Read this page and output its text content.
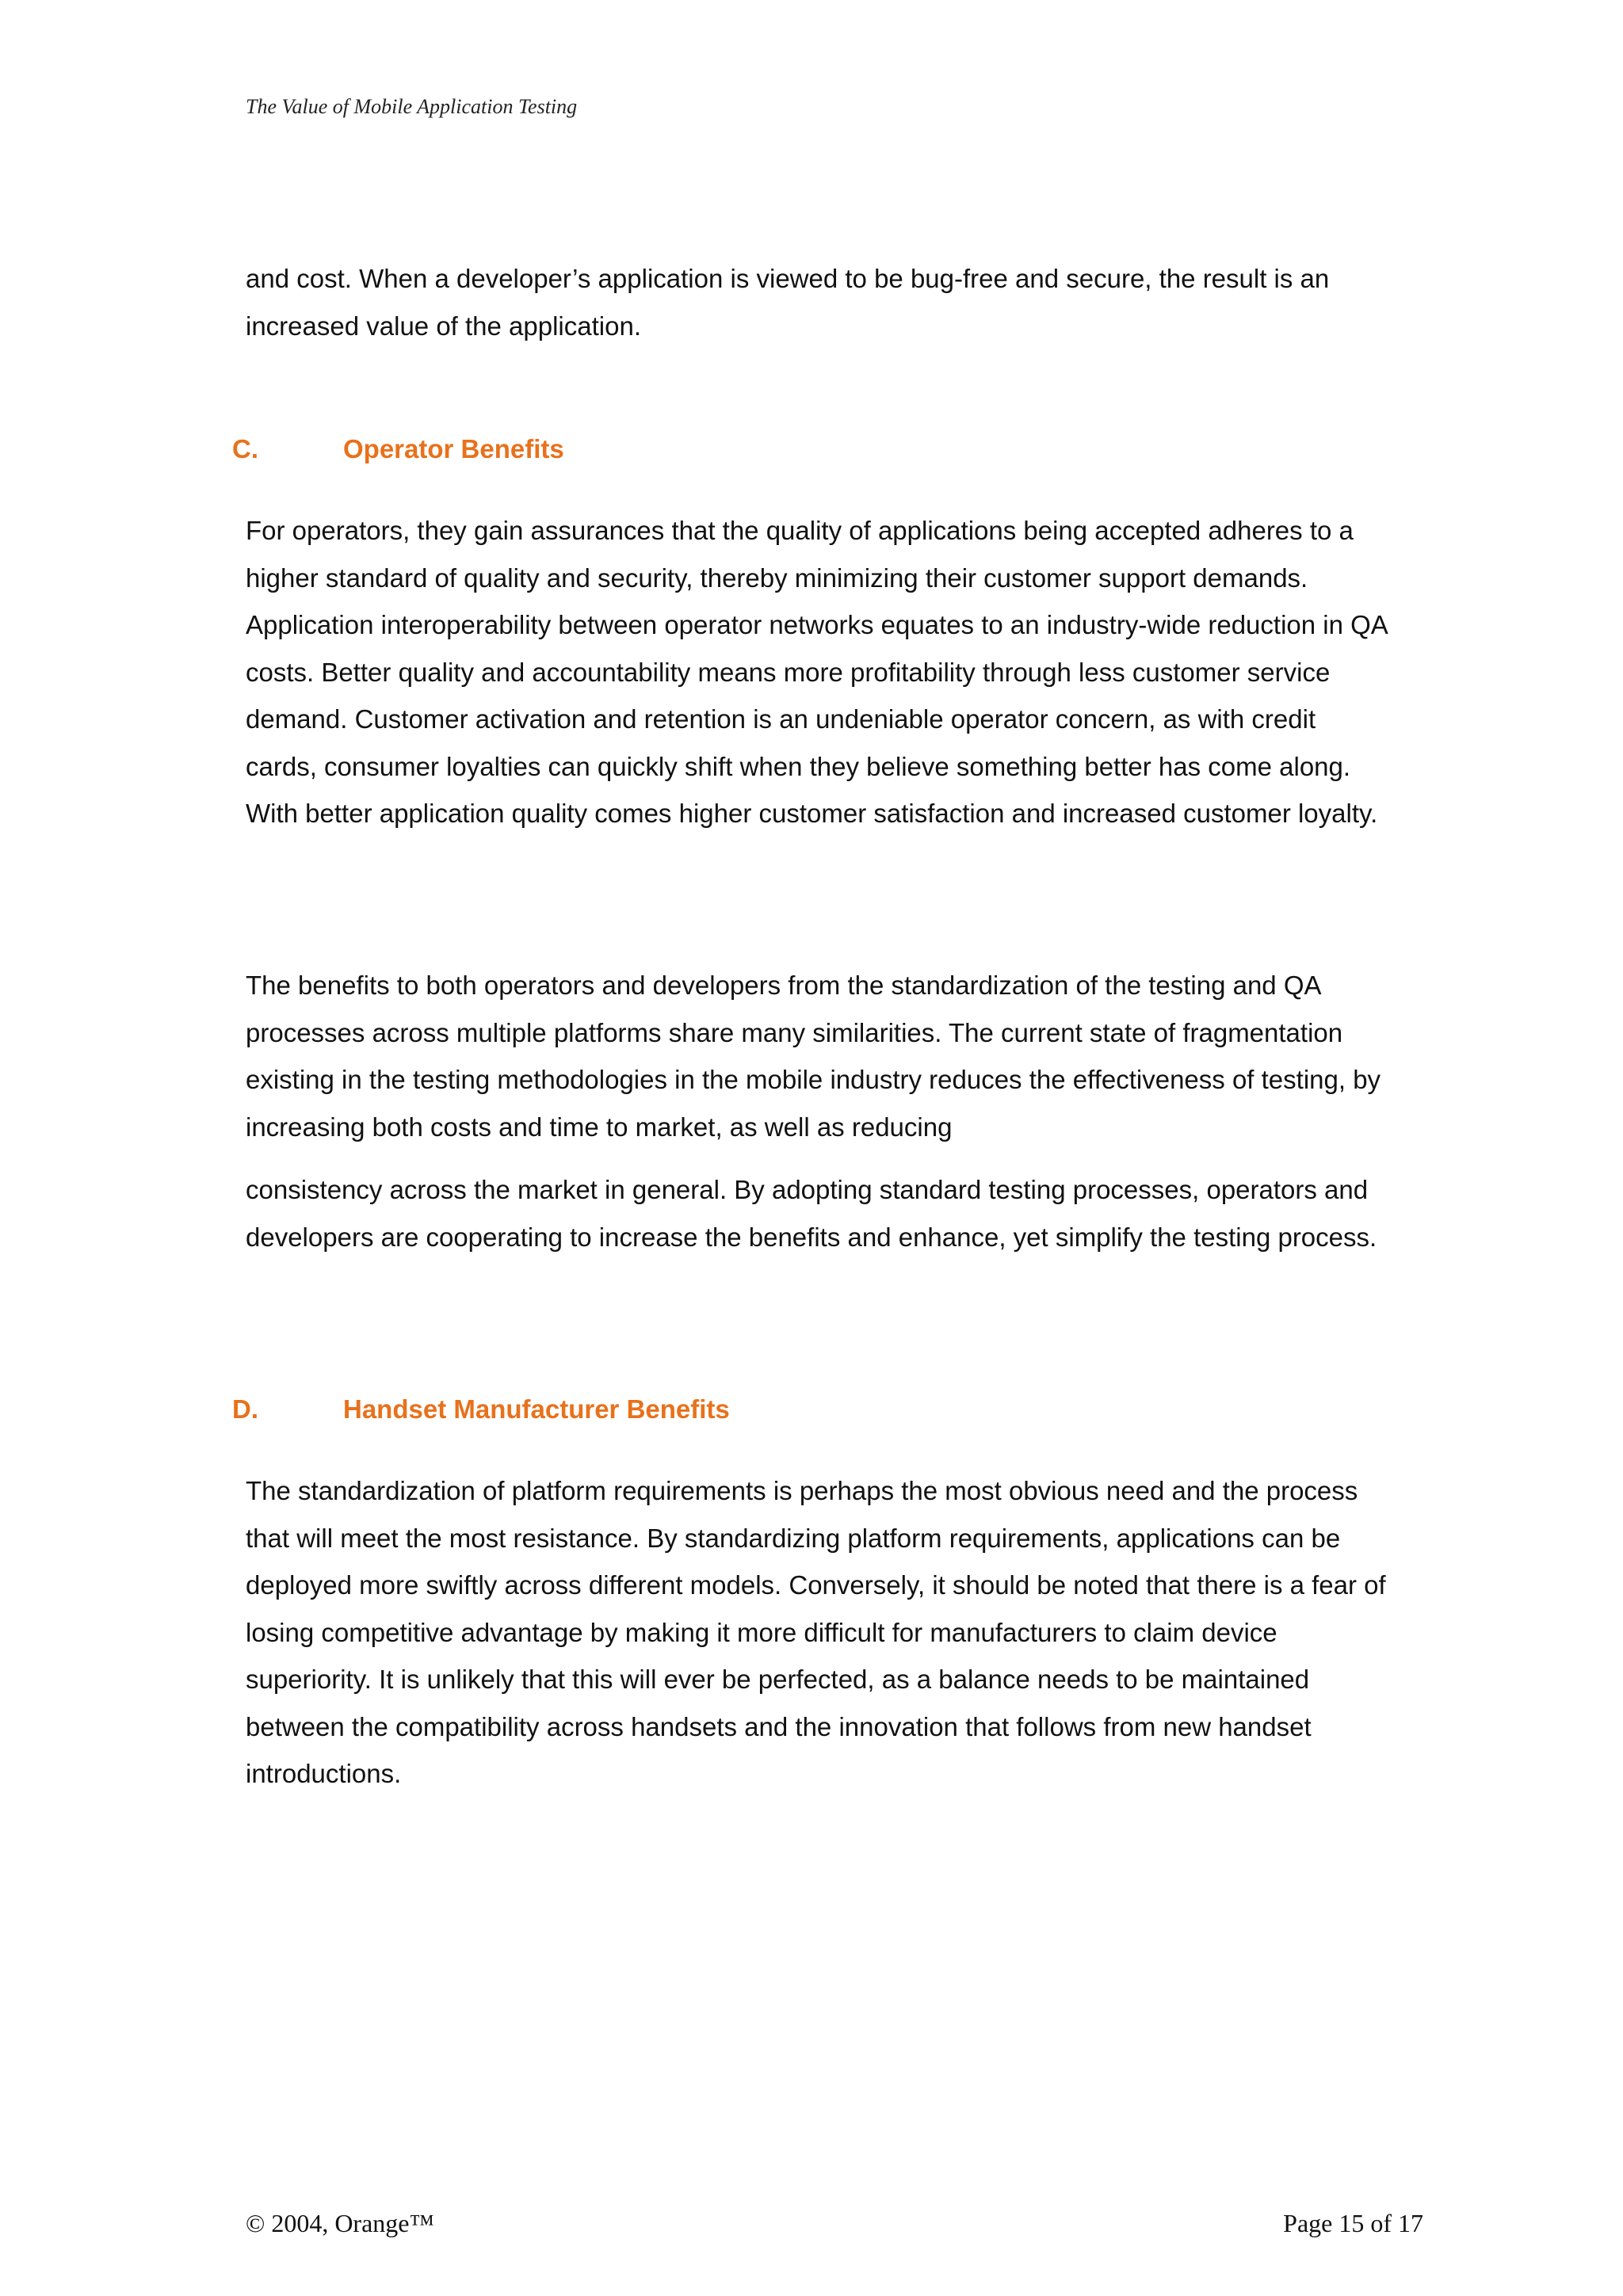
The Value of Mobile Application Testing

and cost. When a developer’s application is viewed to be bug-free and secure, the result is an increased value of the application.

C.	Operator Benefits

For operators, they gain assurances that the quality of applications being accepted adheres to a higher standard of quality and security, thereby minimizing their customer support demands. Application interoperability between operator networks equates to an industry-wide reduction in QA costs. Better quality and accountability means more profitability through less customer service demand. Customer activation and retention is an undeniable operator concern, as with credit cards, consumer loyalties can quickly shift when they believe something better has come along. With better application quality comes higher customer satisfaction and increased customer loyalty.

The benefits to both operators and developers from the standardization of the testing and QA processes across multiple platforms share many similarities. The current state of fragmentation existing in the testing methodologies in the mobile industry reduces the effectiveness of testing, by increasing both costs and time to market, as well as reducing

consistency across the market in general. By adopting standard testing processes, operators and developers are cooperating to increase the benefits and enhance, yet simplify the testing process.

D.	Handset Manufacturer Benefits

The standardization of platform requirements is perhaps the most obvious need and the process that will meet the most resistance. By standardizing platform requirements, applications can be deployed more swiftly across different models. Conversely, it should be noted that there is a fear of losing competitive advantage by making it more difficult for manufacturers to claim device superiority. It is unlikely that this will ever be perfected, as a balance needs to be maintained between the compatibility across handsets and the innovation that follows from new handset introductions.

© 2004, Orange™	Page 15 of 17
